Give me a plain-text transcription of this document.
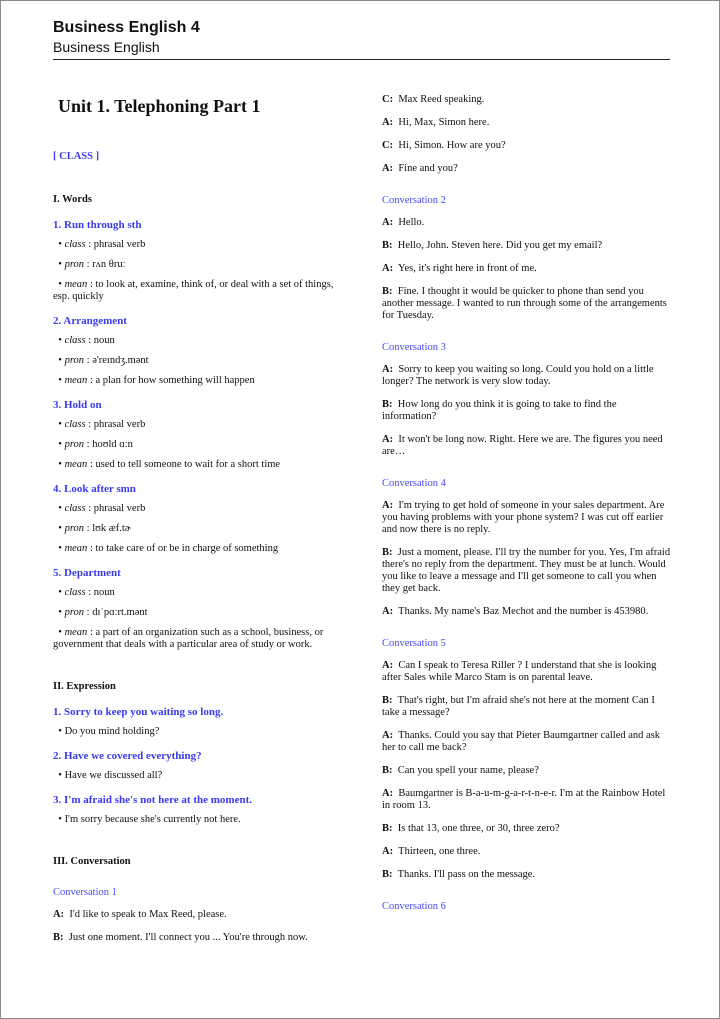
Business English 4
Business English
Unit 1. Telephoning Part 1
[ CLASS ]
I. Words
1. Run through sth
• class : phrasal verb
• pron : rʌn θruː
• mean : to look at, examine, think of, or deal with a set of things, esp. quickly
2. Arrangement
• class : noun
• pron : ə'reɪndʒ.mənt
• mean : a plan for how something will happen
3. Hold on
• class : phrasal verb
• pron : hoʊld ɑːn
• mean : used to tell someone to wait for a short time
4. Look after smn
• class : phrasal verb
• pron : lʊk æf.tɚ
• mean : to take care of or be in charge of something
5. Department
• class : noun
• pron : dɪˈpɑːrt.mənt
• mean : a part of an organization such as a school, business, or government that deals with a particular area of study or work.
II. Expression
1. Sorry to keep you waiting so long.
• Do you mind holding?
2. Have we covered everything?
• Have we discussed all?
3. I'm afraid she's not here at the moment.
• I'm sorry because she's currently not here.
III. Conversation
Conversation 1
A: I'd like to speak to Max Reed, please.
B: Just one moment. I'll connect you ... You're through now.
C: Max Reed speaking.
A: Hi, Max, Simon here.
C: Hi, Simon. How are you?
A: Fine and you?
Conversation 2
A: Hello.
B: Hello, John. Steven here. Did you get my email?
A: Yes, it's right here in front of me.
B: Fine. I thought it would be quicker to phone than send you another message. I wanted to run through some of the arrangements for Tuesday.
Conversation 3
A: Sorry to keep you waiting so long. Could you hold on a little longer? The network is very slow today.
B: How long do you think it is going to take to find the information?
A: It won't be long now. Right. Here we are. The figures you need are…
Conversation 4
A: I'm trying to get hold of someone in your sales department. Are you having problems with your phone system? I was cut off earlier and now there is no reply.
B: Just a moment, please. I'll try the number for you. Yes, I'm afraid there's no reply from the department. They must be at lunch. Would you like to leave a message and I'll get someone to call you when they get back.
A: Thanks. My name's Baz Mechot and the number is 453980.
Conversation 5
A: Can I speak to Teresa Riller ? I understand that she is looking after Sales while Marco Stam is on parental leave.
B: That's right, but I'm afraid she's not here at the moment Can I take a message?
A: Thanks. Could you say that Pieter Baumgartner called and ask her to call me back?
B: Can you spell your name, please?
A: Baumgartner is B-a-u-m-g-a-r-t-n-e-r. I'm at the Rainbow Hotel in room 13.
B: Is that 13, one three, or 30, three zero?
A: Thirteen, one three.
B: Thanks. I'll pass on the message.
Conversation 6
